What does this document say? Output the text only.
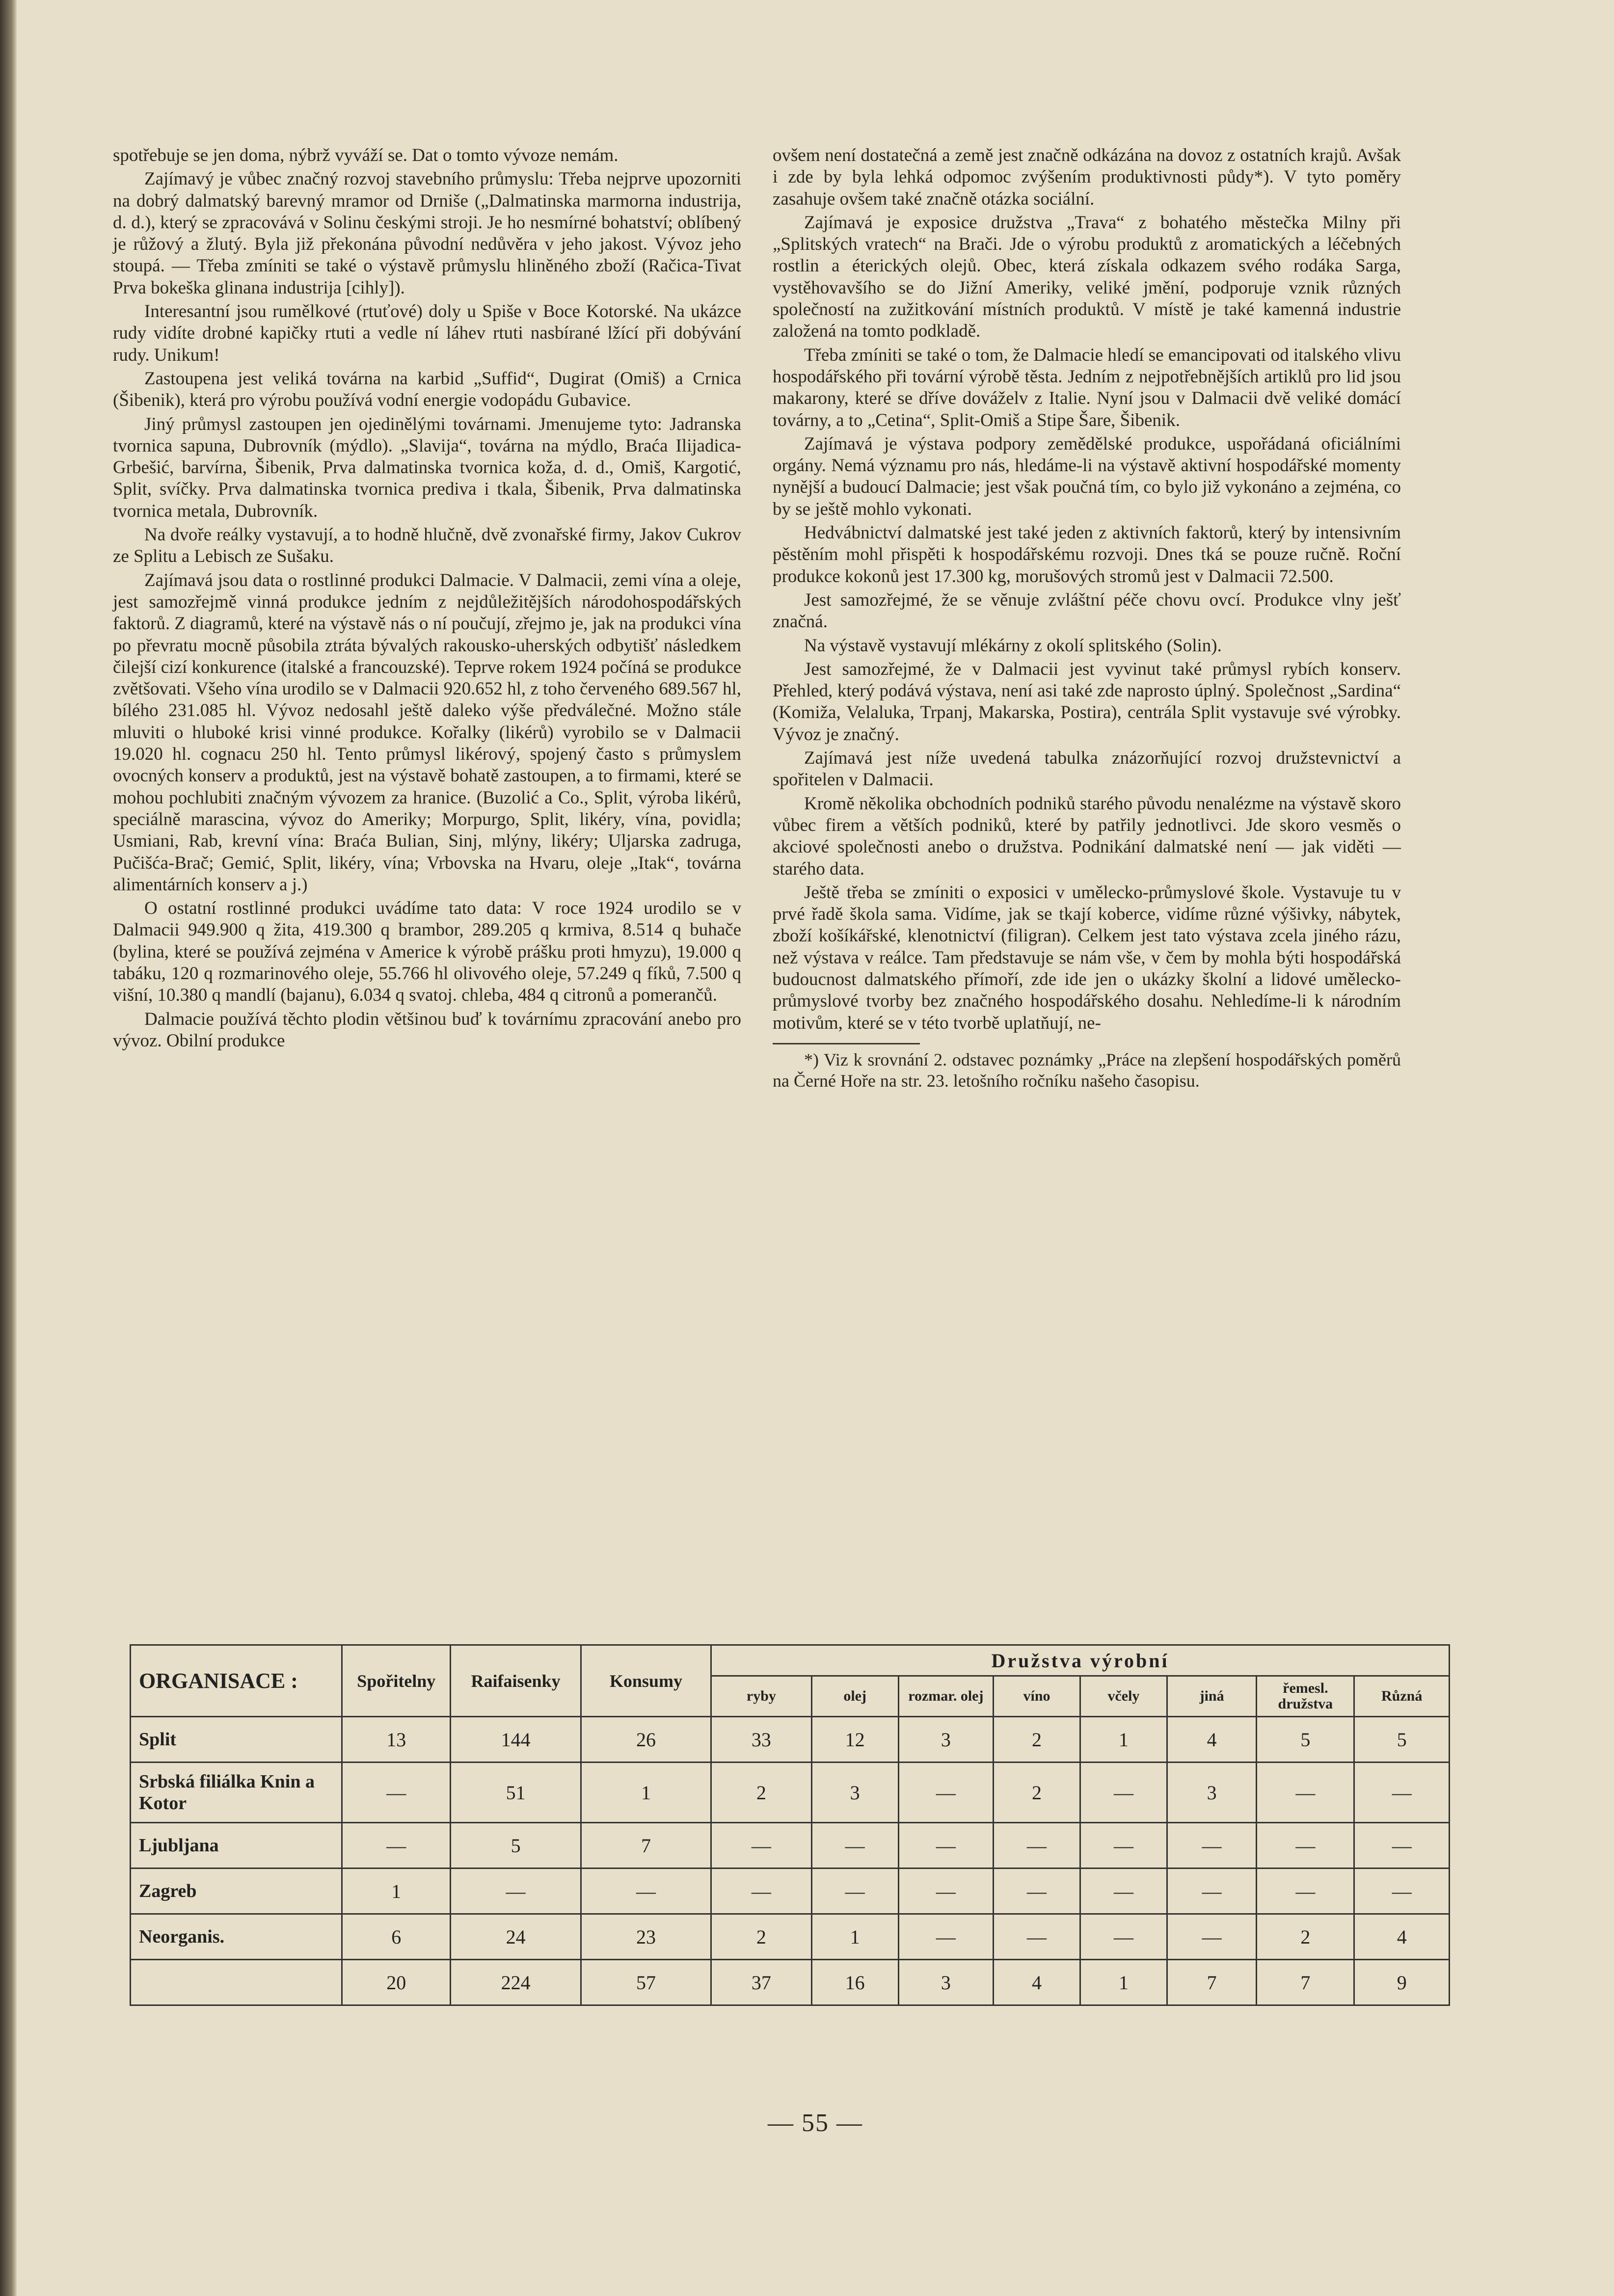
spotřebuje se jen doma, nýbrž vyváží se. Dat o tomto vývoze nemám.

Zajímavý je vůbec značný rozvoj stavebního průmyslu: Třeba nejprve upozorniti na dobrý dalmatský barevný mramor od Drniše („Dalmatinska marmorna industrija, d. d.), který se zpracovává v Solinu českými stroji. Je ho nesmírné bohatství; oblíbený je růžový a žlutý. Byla již překonána původní nedůvěra v jeho jakost. Vývoz jeho stoupá. — Třeba zmíniti se také o výstavě průmyslu hliněného zboží (Račica-Tivat Prva bokeška glinana industrija [cihly]).

Interesantní jsou rumělkové (rtuťové) doly u Spiše v Boce Kotorské. Na ukázce rudy vidíte drobné kapičky rtuti a vedle ní láhev rtuti nasbírané lžící při dobývání rudy. Unikum!

Zastoupena jest veliká továrna na karbid „Suffid“, Dugirat (Omiš) a Crnica (Šibenik), která pro výrobu používá vodní energie vodopádu Gubavice.

Jiný průmysl zastoupen jen ojedinělými továrnami. Jmenujeme tyto: Jadranska tvornica sapuna, Dubrovník (mýdlo). „Slavija“, továrna na mýdlo, Braća Ilijadica-Grbešić, barvírna, Šibenik, Prva dalmatinska tvornica koža, d. d., Omiš, Kargotić, Split, svíčky. Prva dalmatinska tvornica prediva i tkala, Šibenik, Prva dalmatinska tvornica metala, Dubrovník.

Na dvoře reálky vystavují, a to hodně hlučně, dvě zvonařské firmy, Jakov Cukrov ze Splitu a Lebisch ze Sušaku.

Zajímavá jsou data o rostlinné produkci Dalmacie. V Dalmacii, zemi vína a oleje, jest samozřejmě vinná produkce jedním z nejdůležitějších národohospodářských faktorů. Z diagramů, které na výstavě nás o ní poučují, zřejmo je, jak na produkci vína po převratu mocně působila ztráta bývalých rakousko-uherských odbytišť následkem čilejší cizí konkurence (italské a francouzské). Teprve rokem 1924 počíná se produkce zvětšovati. Všeho vína urodilo se v Dalmacii 920.652 hl, z toho červeného 689.567 hl, bílého 231.085 hl. Vývoz nedosahl ještě daleko výše předválečné. Možno stále mluviti o hluboké krisi vinné produkce. Kořalky (likérů) vyrobilo se v Dalmacii 19.020 hl. cognacu 250 hl. Tento průmysl likérový, spojený často s průmyslem ovocných konserv a produktů, jest na výstavě bohatě zastoupen, a to firmami, které se mohou pochlubiti značným vývozem za hranice. (Buzolić a Co., Split, výroba likérů, speciálně marascina, vývoz do Ameriky; Morpurgo, Split, likéry, vína, povidla; Usmiani, Rab, krevní vína: Braća Bulian, Sinj, mlýny, likéry; Uljarska zadruga, Pučišća-Brač; Gemić, Split, likéry, vína; Vrbovska na Hvaru, oleje „Itak“, továrna alimentárních konserv a j.)

O ostatní rostlinné produkci uvádíme tato data: V roce 1924 urodilo se v Dalmacii 949.900 q žita, 419.300 q brambor, 289.205 q krmiva, 8.514 q buhače (bylina, které se používá zejména v Americe k výrobě prášku proti hmyzu), 19.000 q tabáku, 120 q rozmarinového oleje, 55.766 hl olivového oleje, 57.249 q fíků, 7.500 q višní, 10.380 q mandlí (bajanu), 6.034 q svatoj. chleba, 484 q citronů a pomerančů.

Dalmacie používá těchto plodin většinou buď k továrnímu zpracování anebo pro vývoz. Obilní produkce

ovšem není dostatečná a země jest značně odkázána na dovoz z ostatních krajů. Avšak i zde by byla lehká odpomoc zvýšením produktivnosti půdy*). V tyto poměry zasahuje ovšem také značně otázka sociální.

Zajímavá je exposice družstva „Trava“ z bohatého městečka Milny při „Splitských vratech“ na Brači. Jde o výrobu produktů z aromatických a léčebných rostlin a éterických olejů. Obec, která získala odkazem svého rodáka Sarga, vystěhovavšího se do Jižní Ameriky, veliké jmění, podporuje vznik různých společností na zužitkování místních produktů. V místě je také kamenná industrie založená na tomto podkladě.

Třeba zmíniti se také o tom, že Dalmacie hledí se emancipovati od italského vlivu hospodářského při tovární výrobě těsta. Jedním z nejpotřebnějších artiklů pro lid jsou makarony, které se dříve dováželv z Italie. Nyní jsou v Dalmacii dvě veliké domácí továrny, a to „Cetina“, Split-Omiš a Stipe Šare, Šibenik.

Zajímavá je výstava podpory zemědělské produkce, uspořádaná oficiálními orgány. Nemá významu pro nás, hledáme-li na výstavě aktivní hospodářské momenty nynější a budoucí Dalmacie; jest však poučná tím, co bylo již vykonáno a zejména, co by se ještě mohlo vykonati.

Hedvábnictví dalmatské jest také jeden z aktivních faktorů, který by intensivním pěstěním mohl přispěti k hospodářskému rozvoji. Dnes tká se pouze ručně. Roční produkce kokonů jest 17.300 kg, morušových stromů jest v Dalmacii 72.500.

Jest samozřejmé, že se věnuje zvláštní péče chovu ovcí. Produkce vlny ješť značná.

Na výstavě vystavují mlékárny z okolí splitského (Solin).

Jest samozřejmé, že v Dalmacii jest vyvinut také průmysl rybích konserv. Přehled, který podává výstava, není asi také zde naprosto úplný. Společnost „Sardina“ (Komiža, Velaluka, Trpanj, Makarska, Postira), centrála Split vystavuje své výrobky. Vývoz je značný.

Zajímavá jest níže uvedená tabulka znázorňující rozvoj družstevnictví a spořitelen v Dalmacii.

Kromě několika obchodních podniků starého původu nenalézme na výstavě skoro vůbec firem a větších podniků, které by patřily jednotlivci. Jde skoro vesměs o akciové společnosti anebo o družstva. Podnikání dalmatské není — jak viděti — starého data.

Ještě třeba se zmíniti o exposici v umělecko-průmyslové škole. Vystavuje tu v prvé řadě škola sama. Vidíme, jak se tkají koberce, vidíme různé výšivky, nábytek, zboží košíkářské, klenotnictví (filigran). Celkem jest tato výstava zcela jiného rázu, než výstava v reálce. Tam představuje se nám vše, v čem by mohla býti hospodářská budoucnost dalmatského přímoří, zde ide jen o ukázky školní a lidové umělecko-průmyslové tvorby bez značného hospodářského dosahu. Nehledíme-li k národním motivům, které se v této tvorbě uplatňují, ne-

*) Viz k srovnání 2. odstavec poznámky „Práce na zlepšení hospodářských poměrů na Černé Hoře na str. 23. letošního ročníku našeho časopisu.

ORGANISACE :	Spořitelny	Raifaisenky	Konsumy	Družstva výrobní							
				ryby	olej	rozmar. olej	víno	včely	jiná	řemesl. družstva	Různá
Split	13	144	26	33	12	3	2	1	4	5	5
Srbská filiálka Knin a Kotor	—	51	1	2	3	—	2	—	3	—	—
Ljubljana	—	5	7	—	—	—	—	—	—	—	—
Zagreb	1	—	—	—	—	—	—	—	—	—	—
Neorganis.	6	24	23	2	1	—	—	—	—	2	4
	20	224	57	37	16	3	4	1	7	7	9
— 55 —
